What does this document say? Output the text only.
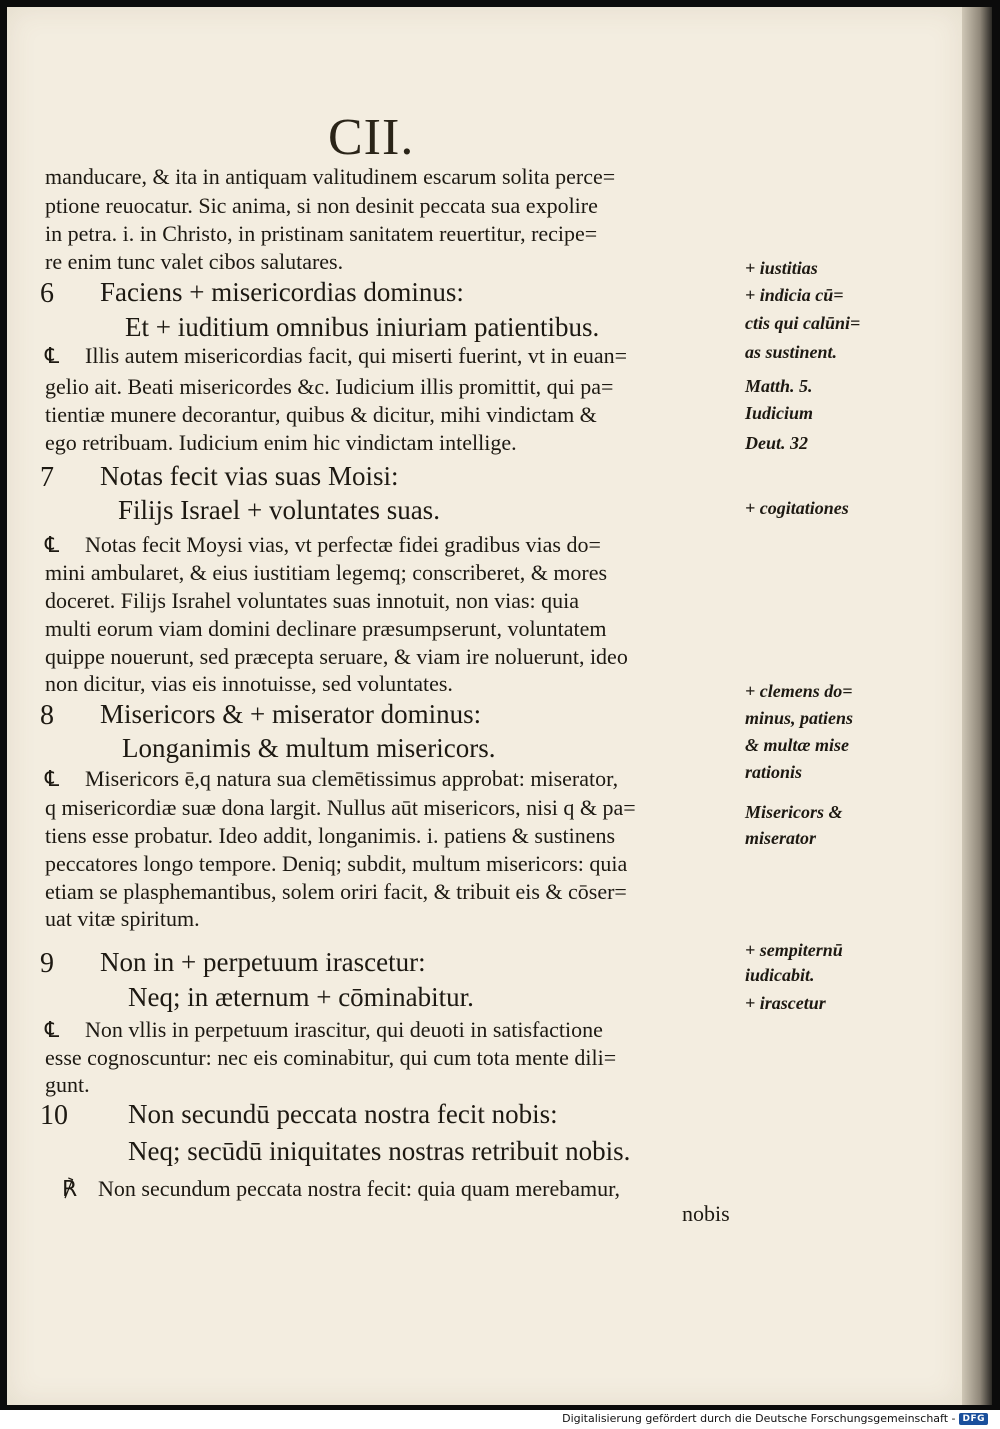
CII.
manducare, & ita in antiquam valitudinem escarum solita perce=
ptione reuocatur. Sic anima, si non desinit peccata sua expolire
in petra. i. in Christo, in pristinam sanitatem reuertitur, recipe=
re enim tunc valet cibos salutares.
6 Faciens + misericordias dominus:
Et + iuditium omnibus iniuriam patientibus.
℄ Illis autem misericordias facit, qui miserti fuerint, vt in euan=
gelio ait. Beati misericordes &c. Iudicium illis promittit, qui pa=
tientiæ munere decorantur, quibus & dicitur, mihi vindictam &
ego retribuam. Iudicium enim hic vindictam intellige.
7 Notas fecit vias suas Moisi:
Filijs Israel + voluntates suas.
℄ Notas fecit Moysi vias, vt perfectæ fidei gradibus vias do=
mini ambularet, & eius iustitiam legemq; conscriberet, & mores
doceret. Filijs Israhel voluntates suas innotuit, non vias: quia
multi eorum viam domini declinare præsumpserunt, voluntatem
quippe nouerunt, sed præcepta seruare, & viam ire noluerunt, ideo
non dicitur, vias eis innotuisse, sed voluntates.
8 Misericors & + miserator dominus:
Longanimis & multum misericors.
℄ Misericors ē,q natura sua clemētissimus approbat: miserator,
q misericordiæ suæ dona largit. Nullus aūt misericors, nisi q & pa=
tiens esse probatur. Ideo addit, longanimis. i. patiens & sustinens
peccatores longo tempore. Deniq; subdit, multum misericors: quia
etiam se plasphemantibus, solem oriri facit, & tribuit eis & cōser=
uat vitæ spiritum.
9 Non in + perpetuum irascetur:
Neq; in æternum + cōminabitur.
℄ Non vllis in perpetuum irascitur, qui deuoti in satisfactione
esse cognoscuntur: nec eis cominabitur, qui cum tota mente dili=
gunt.
10 Non secundū peccata nostra fecit nobis:
Neq; secūdū iniquitates nostras retribuit nobis.
℟ Non secundum peccata nostra fecit: quia quam merebamur,
nobis
+ iustitias
+ indicia cū=
ctis qui calūni=
as sustinent.
Matth. 5.
Iudicium
Deut. 32
+ cogitationes
+ clemens do=
minus, patiens
& multæ mise
rationis
Misericors &
miserator
+ sempiternū
iudicabit.
+ irascetur
Digitalisierung gefördert durch die Deutsche Forschungsgemeinschaft - DFG
